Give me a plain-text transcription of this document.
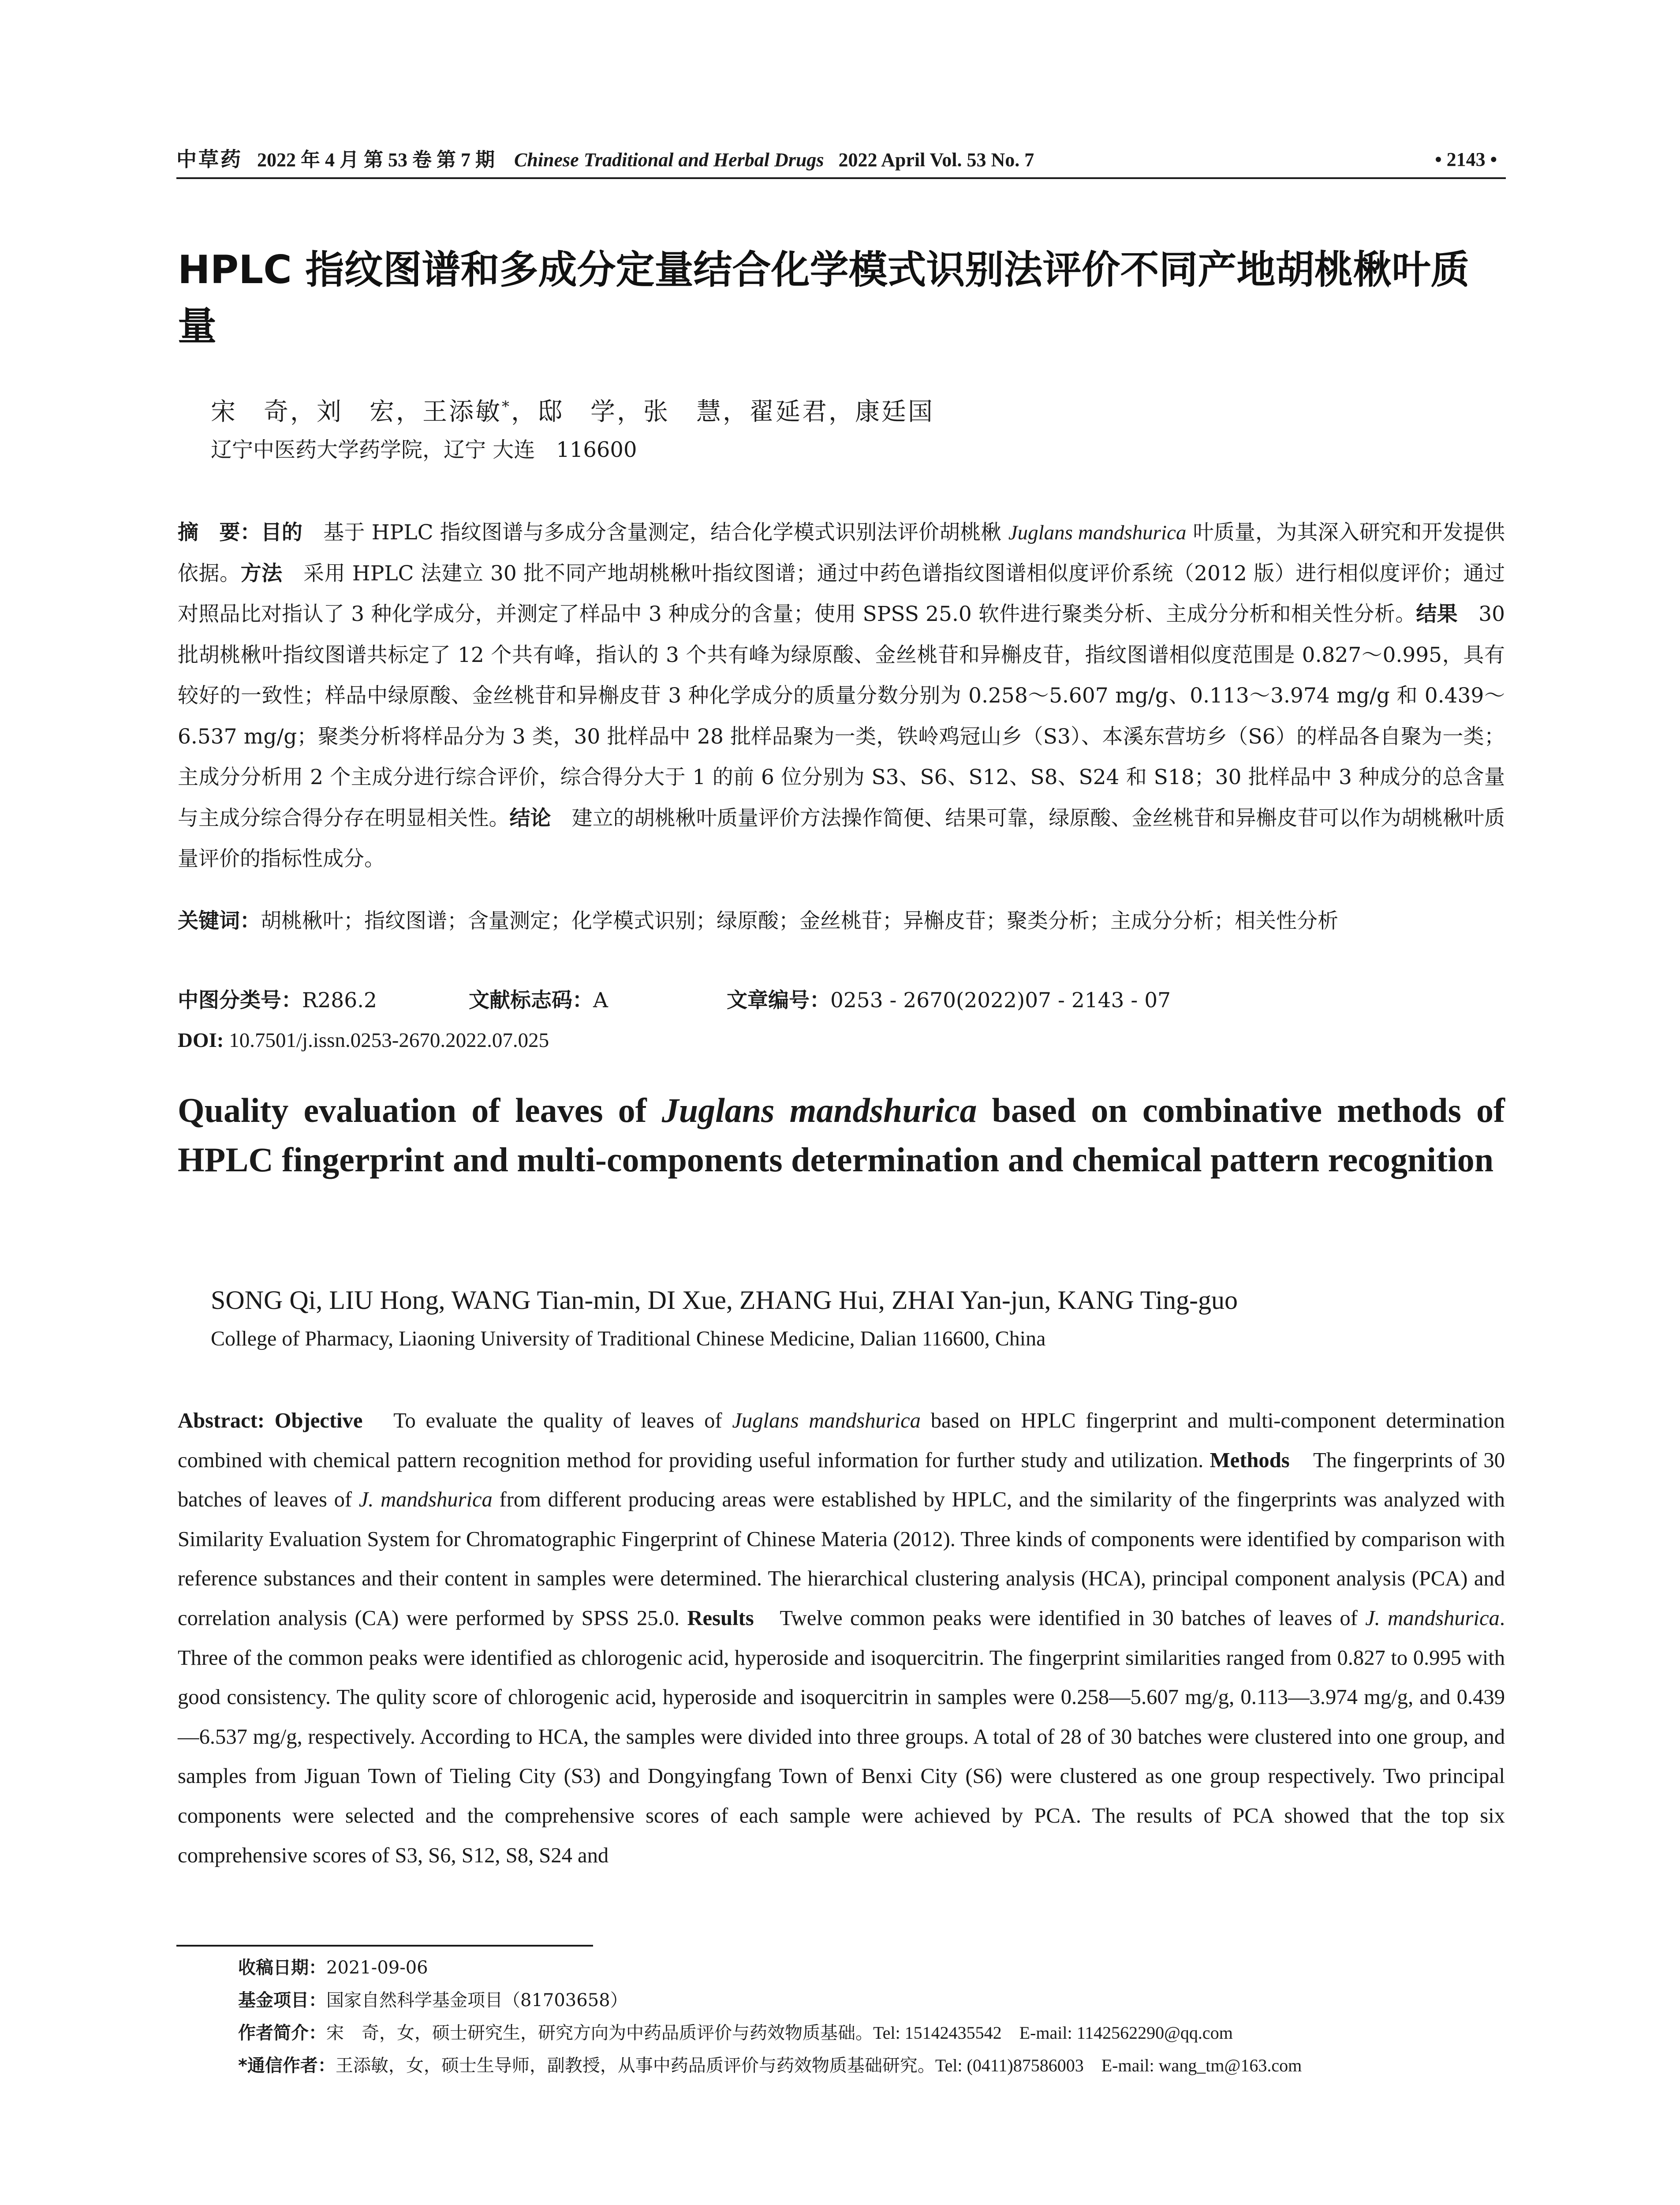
中草药 2022 年 4 月 第 53 卷 第 7 期 Chinese Traditional and Herbal Drugs 2022 April Vol. 53 No. 7	• 2143 •
HPLC 指纹图谱和多成分定量结合化学模式识别法评价不同产地胡桃楸叶质量
宋　奇，刘　宏，王添敏*，邸　学，张　慧，翟延君，康廷国
辽宁中医药大学药学院，辽宁 大连　116600
摘　要：目的　基于 HPLC 指纹图谱与多成分含量测定，结合化学模式识别法评价胡桃楸 Juglans mandshurica 叶质量，为其深入研究和开发提供依据。方法　采用 HPLC 法建立 30 批不同产地胡桃楸叶指纹图谱；通过中药色谱指纹图谱相似度评价系统（2012 版）进行相似度评价；通过对照品比对指认了 3 种化学成分，并测定了样品中 3 种成分的含量；使用 SPSS 25.0 软件进行聚类分析、主成分分析和相关性分析。结果　30 批胡桃楸叶指纹图谱共标定了 12 个共有峰，指认的 3 个共有峰为绿原酸、金丝桃苷和异槲皮苷，指纹图谱相似度范围是 0.827～0.995，具有较好的一致性；样品中绿原酸、金丝桃苷和异槲皮苷 3 种化学成分的质量分数分别为 0.258～5.607 mg/g、0.113～3.974 mg/g 和 0.439～6.537 mg/g；聚类分析将样品分为 3 类，30 批样品中 28 批样品聚为一类，铁岭鸡冠山乡（S3）、本溪东营坊乡（S6）的样品各自聚为一类；主成分分析用 2 个主成分进行综合评价，综合得分大于 1 的前 6 位分别为 S3、S6、S12、S8、S24 和 S18；30 批样品中 3 种成分的总含量与主成分综合得分存在明显相关性。结论　建立的胡桃楸叶质量评价方法操作简便、结果可靠，绿原酸、金丝桃苷和异槲皮苷可以作为胡桃楸叶质量评价的指标性成分。
关键词：胡桃楸叶；指纹图谱；含量测定；化学模式识别；绿原酸；金丝桃苷；异槲皮苷；聚类分析；主成分分析；相关性分析
中图分类号：R286.2	文献标志码：A	文章编号：0253 - 2670(2022)07 - 2143 - 07
DOI: 10.7501/j.issn.0253-2670.2022.07.025
Quality evaluation of leaves of Juglans mandshurica based on combinative methods of HPLC fingerprint and multi-components determination and chemical pattern recognition
SONG Qi, LIU Hong, WANG Tian-min, DI Xue, ZHANG Hui, ZHAI Yan-jun, KANG Ting-guo
College of Pharmacy, Liaoning University of Traditional Chinese Medicine, Dalian 116600, China
Abstract: Objective　To evaluate the quality of leaves of Juglans mandshurica based on HPLC fingerprint and multi-component determination combined with chemical pattern recognition method for providing useful information for further study and utilization. Methods　The fingerprints of 30 batches of leaves of J. mandshurica from different producing areas were established by HPLC, and the similarity of the fingerprints was analyzed with Similarity Evaluation System for Chromatographic Fingerprint of Chinese Materia (2012). Three kinds of components were identified by comparison with reference substances and their content in samples were determined. The hierarchical clustering analysis (HCA), principal component analysis (PCA) and correlation analysis (CA) were performed by SPSS 25.0. Results　Twelve common peaks were identified in 30 batches of leaves of J. mandshurica. Three of the common peaks were identified as chlorogenic acid, hyperoside and isoquercitrin. The fingerprint similarities ranged from 0.827 to 0.995 with good consistency. The qulity score of chlorogenic acid, hyperoside and isoquercitrin in samples were 0.258—5.607 mg/g, 0.113—3.974 mg/g, and 0.439—6.537 mg/g, respectively. According to HCA, the samples were divided into three groups. A total of 28 of 30 batches were clustered into one group, and samples from Jiguan Town of Tieling City (S3) and Dongyingfang Town of Benxi City (S6) were clustered as one group respectively. Two principal components were selected and the comprehensive scores of each sample were achieved by PCA. The results of PCA showed that the top six comprehensive scores of S3, S6, S12, S8, S24 and
收稿日期：2021-09-06
基金项目：国家自然科学基金项目（81703658）
作者简介：宋　奇，女，硕士研究生，研究方向为中药品质评价与药效物质基础。Tel: 15142435542　E-mail: 1142562290@qq.com
*通信作者：王添敏，女，硕士生导师，副教授，从事中药品质评价与药效物质基础研究。Tel: (0411)87586003　E-mail: wang_tm@163.com
